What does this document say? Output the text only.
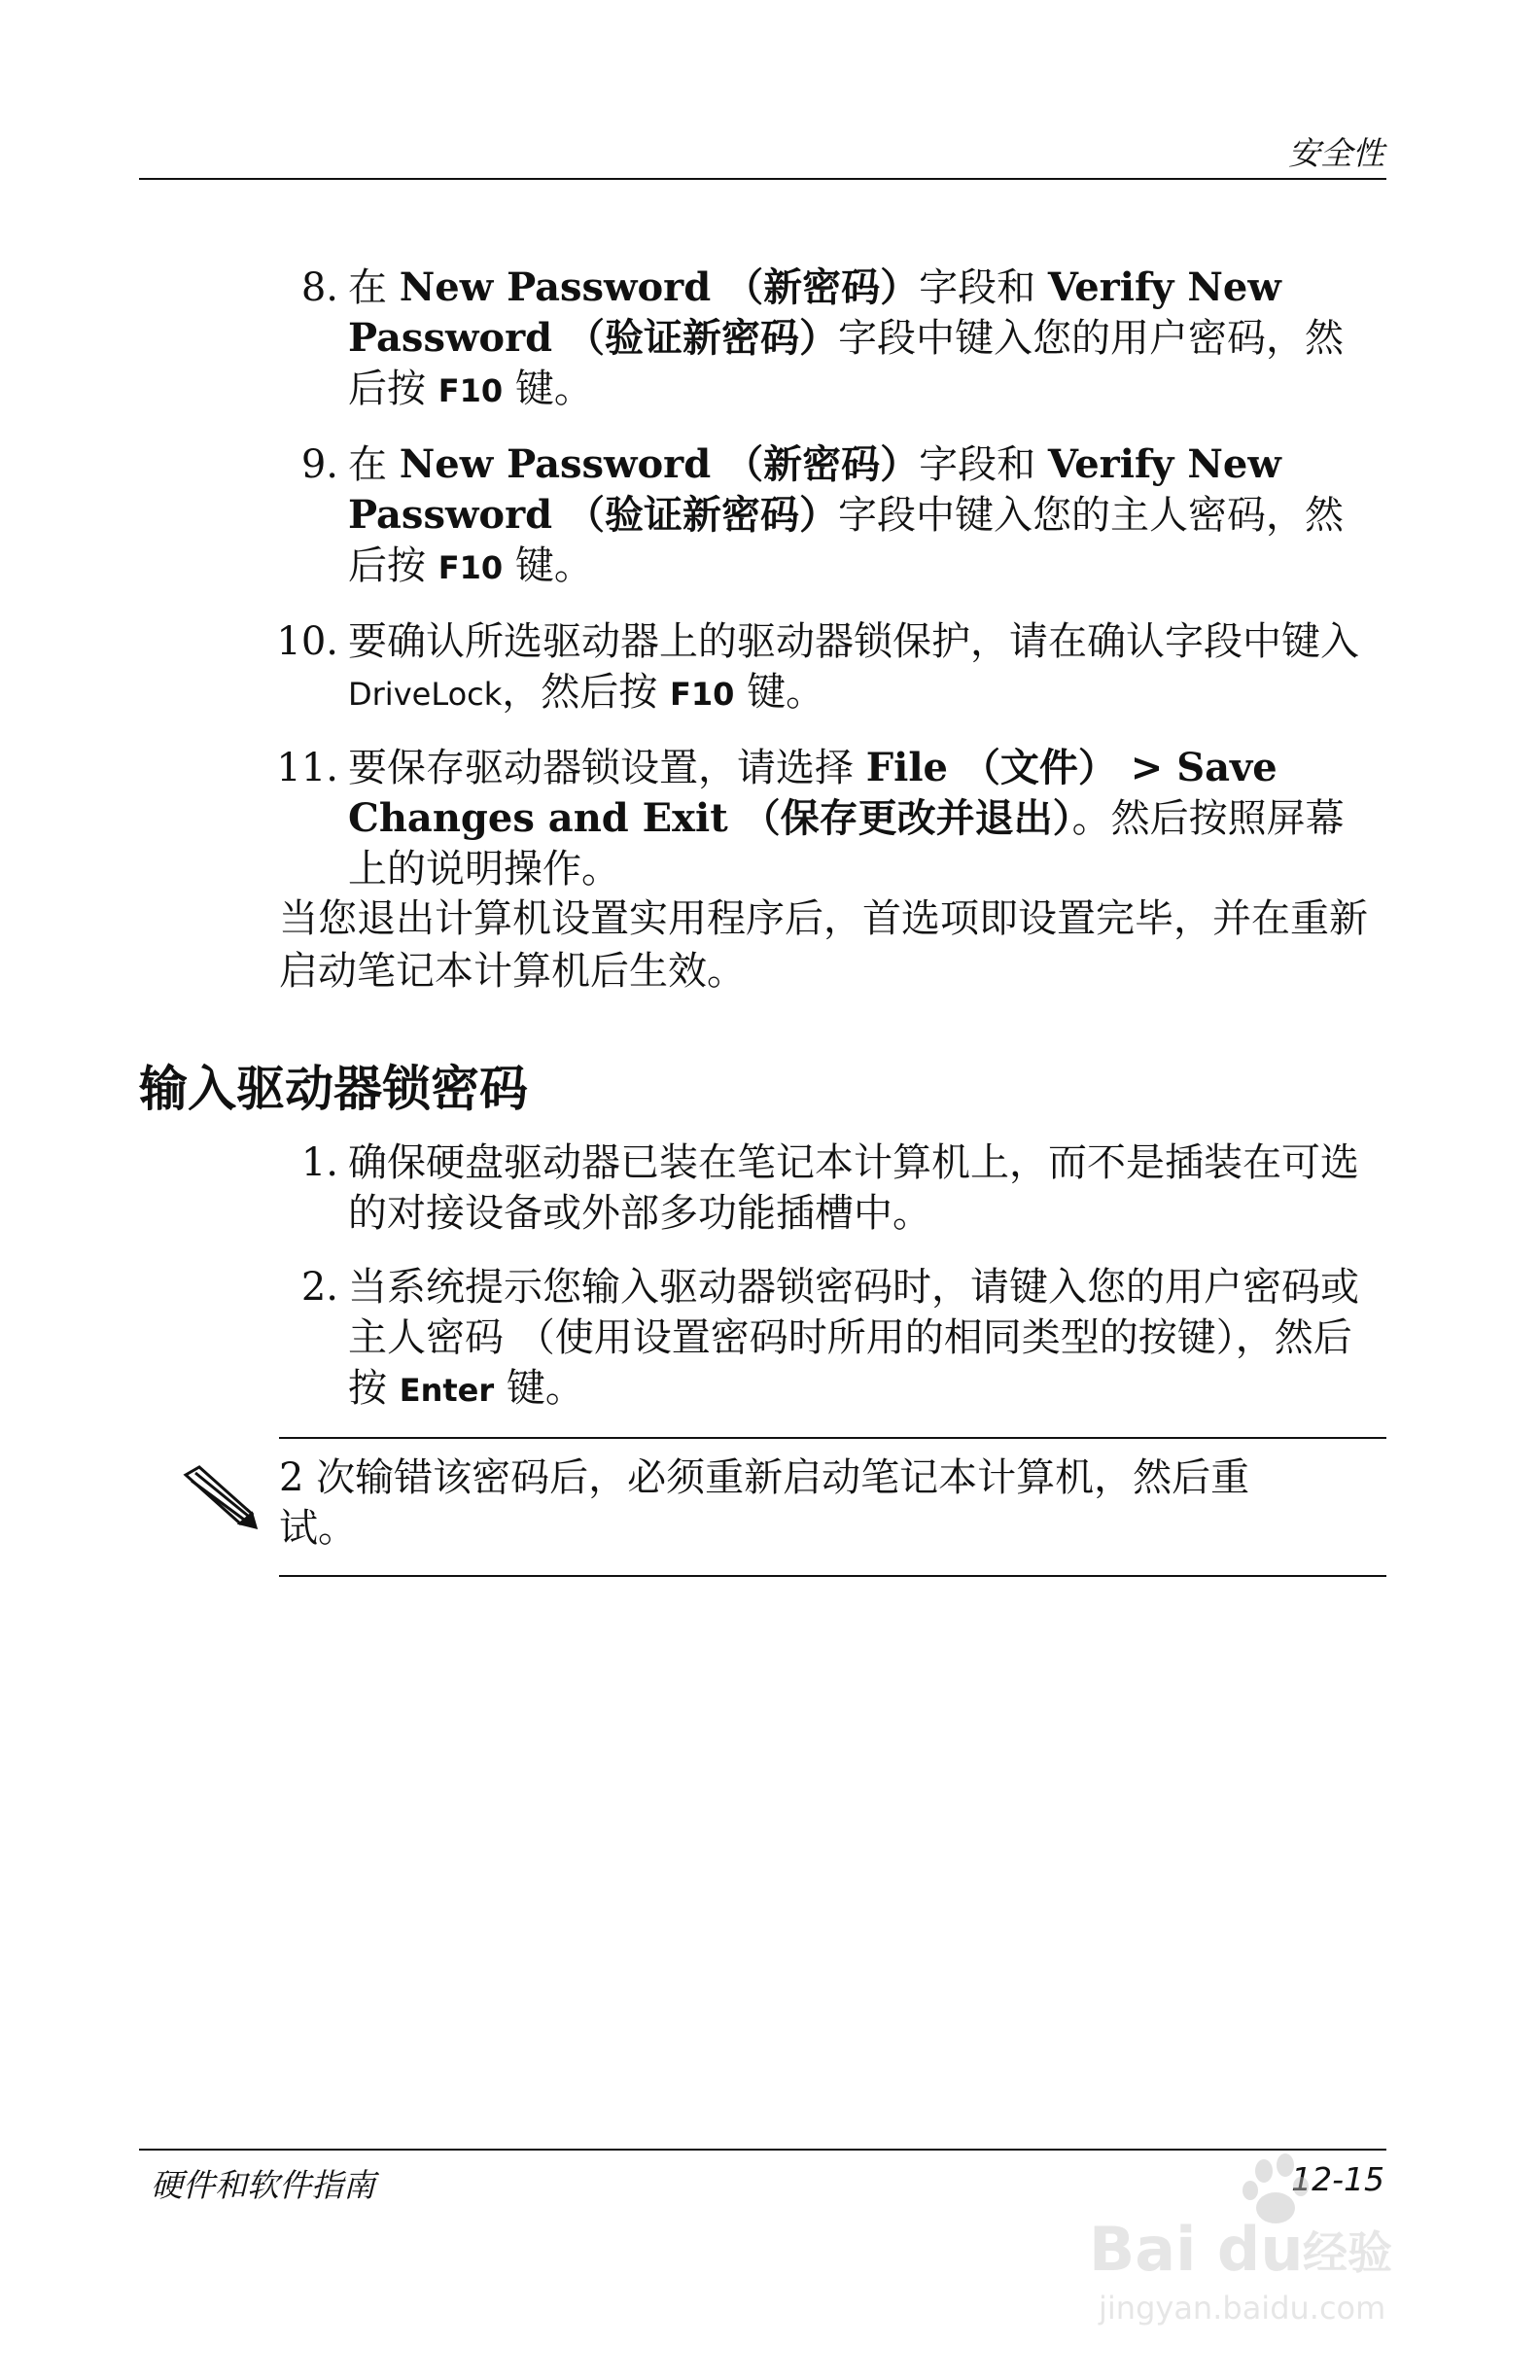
安全性
8. 在 New Password （新密码）字段和 Verify New Password （验证新密码）字段中键入您的用户密码，然后按 F10 键。
9. 在 New Password （新密码）字段和 Verify New Password （验证新密码）字段中键入您的主人密码，然后按 F10 键。
10. 要确认所选驱动器上的驱动器锁保护，请在确认字段中键入 DriveLock，然后按 F10 键。
11. 要保存驱动器锁设置，请选择 File （文件） > Save Changes and Exit （保存更改并退出）。然后按照屏幕上的说明操作。

当您退出计算机设置实用程序后，首选项即设置完毕，并在重新启动笔记本计算机后生效。

输入驱动器锁密码
1. 确保硬盘驱动器已装在笔记本计算机上，而不是插装在可选的对接设备或外部多功能插槽中。
2. 当系统提示您输入驱动器锁密码时，请键入您的用户密码或主人密码 （使用设置密码时所用的相同类型的按键），然后按 Enter 键。

2 次输错该密码后，必须重新启动笔记本计算机，然后重试。

硬件和软件指南	12-15
Bai du 经验
jingyan.baidu.com
